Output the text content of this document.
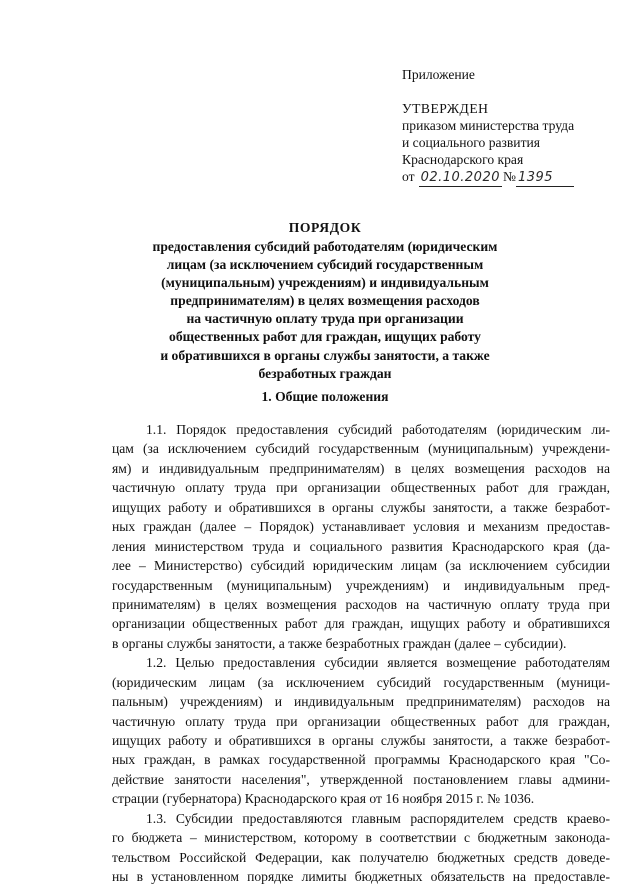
Приложение
УТВЕРЖДЕН
приказом министерства труда
и социального развития
Краснодарского края
от 02.10.2020 № 1395
ПОРЯДОК
предоставления субсидий работодателям (юридическим
лицам (за исключением субсидий государственным
(муниципальным) учреждениям) и индивидуальным
предпринимателям) в целях возмещения расходов
на частичную оплату труда при организации
общественных работ для граждан, ищущих работу
и обратившихся в органы службы занятости, а также
безработных граждан
1. Общие положения
1.1. Порядок предоставления субсидий работодателям (юридическим ли-
цам (за исключением субсидий государственным (муниципальным) учреждени-
ям) и индивидуальным предпринимателям) в целях возмещения расходов на
частичную оплату труда при организации общественных работ для граждан,
ищущих работу и обратившихся в органы службы занятости, а также безработ-
ных граждан (далее – Порядок) устанавливает условия и механизм предостав-
ления министерством труда и социального развития Краснодарского края (да-
лее – Министерство) субсидий юридическим лицам (за исключением субсидии
государственным (муниципальным) учреждениям) и индивидуальным пред-
принимателям) в целях возмещения расходов на частичную оплату труда при
организации общественных работ для граждан, ищущих работу и обратившихся
в органы службы занятости, а также безработных граждан (далее – субсидии).
1.2. Целью предоставления субсидии является возмещение работодателям
(юридическим лицам (за исключением субсидий государственным (муници-
пальным) учреждениям) и индивидуальным предпринимателям) расходов на
частичную оплату труда при организации общественных работ для граждан,
ищущих работу и обратившихся в органы службы занятости, а также безработ-
ных граждан, в рамках государственной программы Краснодарского края "Со-
действие занятости населения", утвержденной постановлением главы админи-
страции (губернатора) Краснодарского края от 16 ноября 2015 г. № 1036.
1.3. Субсидии предоставляются главным распорядителем средств краево-
го бюджета – министерством, которому в соответствии с бюджетным законода-
тельством Российской Федерации, как получателю бюджетных средств доведе-
ны в установленном порядке лимиты бюджетных обязательств на предоставле-
